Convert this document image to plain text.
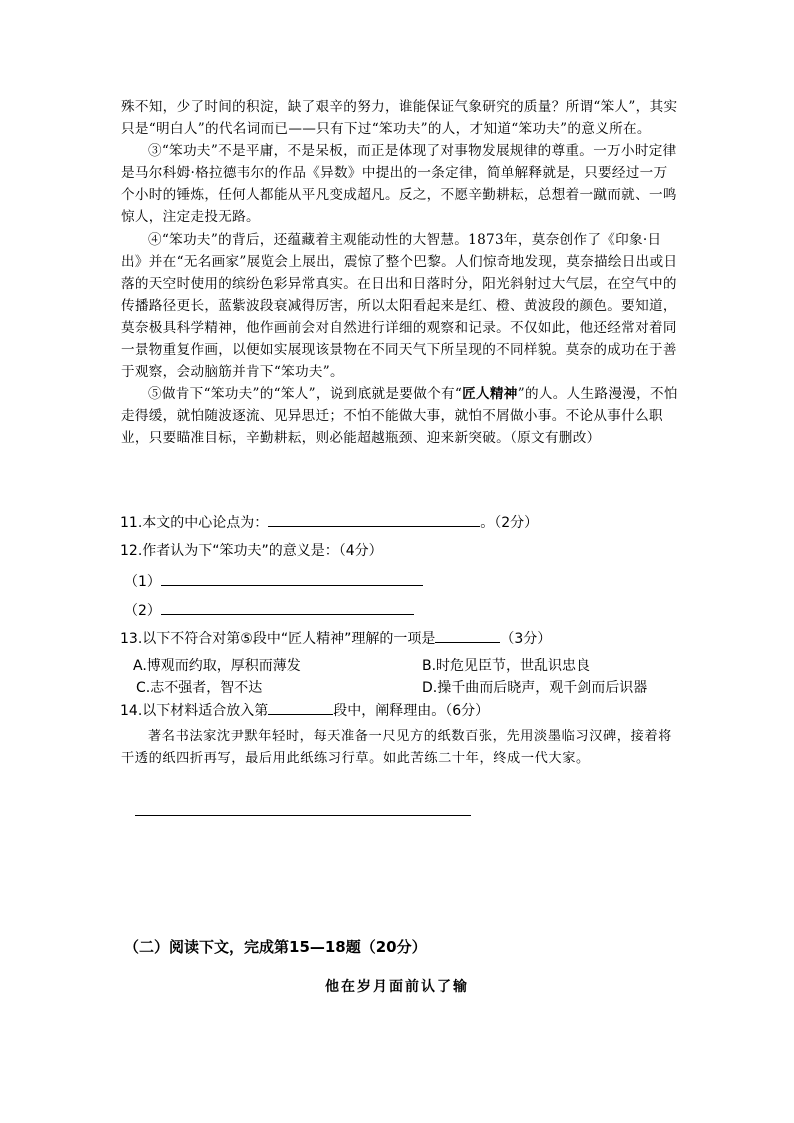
殊不知，少了时间的积淀，缺了艰辛的努力，谁能保证气象研究的质量？所谓“笨人”，其实只是“明白人”的代名词而已——只有下过“笨功夫”的人，才知道“笨功夫”的意义所在。

③“笨功夫”不是平庸，不是呆板，而正是体现了对事物发展规律的尊重。一万小时定律是马尔科姆·格拉德韦尔的作品《异数》中提出的一条定律，简单解释就是，只要经过一万个小时的锤炼，任何人都能从平凡变成超凡。反之，不愿辛勤耕耘，总想着一蹴而就、一鸣惊人，注定走投无路。

④“笨功夫”的背后，还蕴藏着主观能动性的大智慧。1873年，莫奈创作了《印象·日出》并在“无名画家”展览会上展出，震惊了整个巴黎。人们惊奇地发现，莫奈描绘日出或日落的天空时使用的缤纷色彩异常真实。在日出和日落时分，阳光斜射过大气层，在空气中的传播路径更长，蓝紫波段衰减得厉害，所以太阳看起来是红、橙、黄波段的颜色。要知道，莫奈极具科学精神，他作画前会对自然进行详细的观察和记录。不仅如此，他还经常对着同一景物重复作画，以便如实展现该景物在不同天气下所呈现的不同样貌。莫奈的成功在于善于观察，会动脑筋并肯下“笨功夫”。

⑤做肯下“笨功夫”的“笨人”，说到底就是要做个有“匠人精神”的人。人生路漫漫，不怕走得缓，就怕随波逐流、见异思迁；不怕不能做大事，就怕不屑做小事。不论从事什么职业，只要瞄准目标，辛勤耕耘，则必能超越瓶颈、迎来新突破。（原文有删改）

11.本文的中心论点为：	。（2分）
12.作者认为下“笨功夫”的意义是：（4分）
（1）
（2）
13.以下不符合对第⑤段中“匠人精神”理解的一项是	（3分）
A.博观而约取，厚积而薄发	B.时危见臣节，世乱识忠良
C.志不强者，智不达	D.操千曲而后晓声，观千剑而后识器
14.以下材料适合放入第	段中，阐释理由。（6分）

著名书法家沈尹默年轻时，每天准备一尺见方的纸数百张，先用淡墨临习汉碑，接着将干透的纸四折再写，最后用此纸练习行草。如此苦练二十年，终成一代大家。

（二）阅读下文，完成第15—18题（20分）
他在岁月面前认了输
